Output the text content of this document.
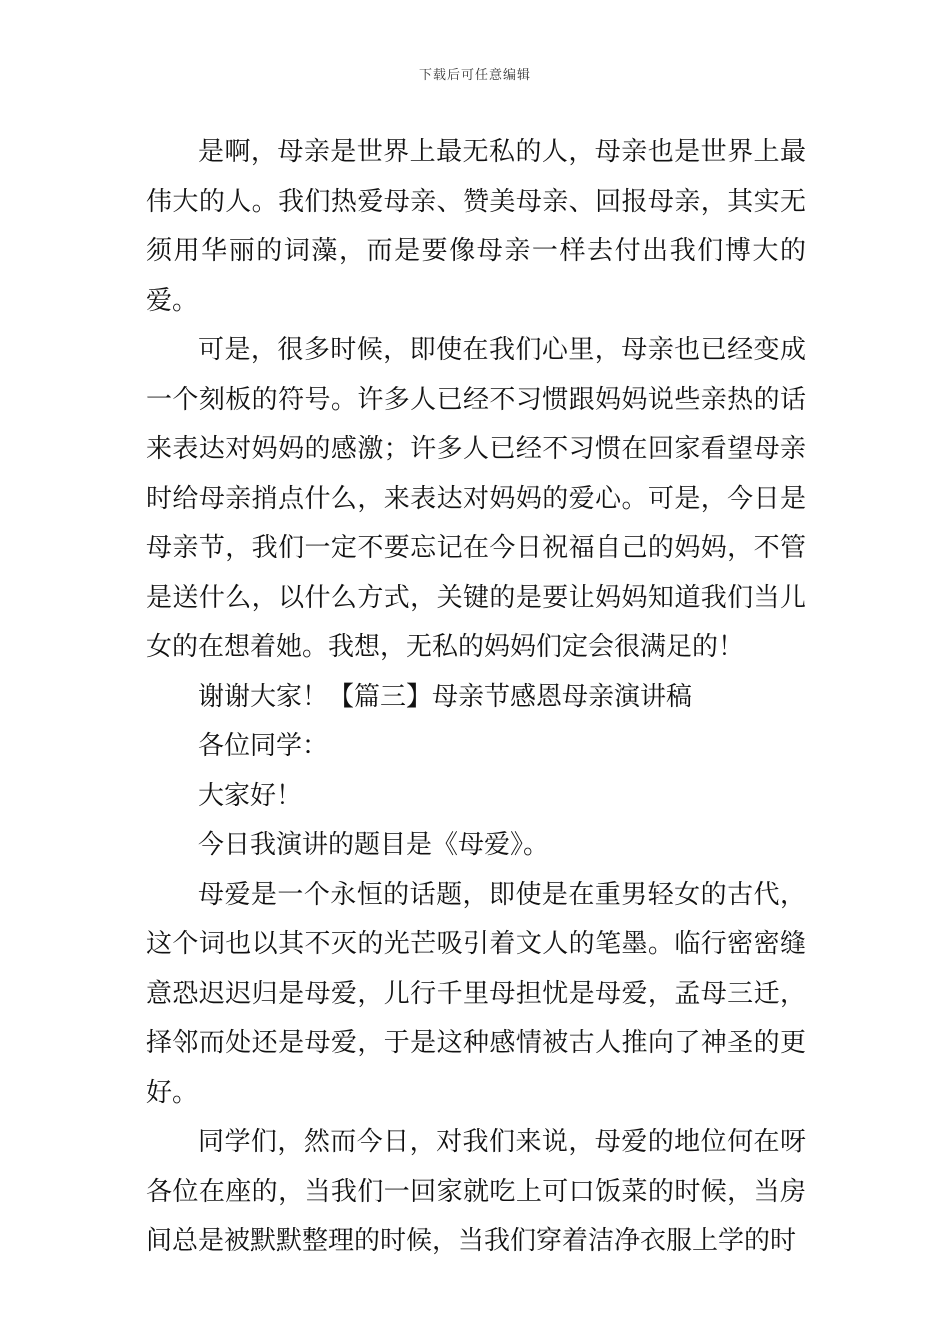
下载后可任意编辑

是啊，母亲是世界上最无私的人，母亲也是世界上最伟大的人。我们热爱母亲、赞美母亲、回报母亲，其实无须用华丽的词藻，而是要像母亲一样去付出我们博大的爱。

可是，很多时候，即使在我们心里，母亲也已经变成一个刻板的符号。许多人已经不习惯跟妈妈说些亲热的话来表达对妈妈的感激；许多人已经不习惯在回家看望母亲时给母亲捎点什么，来表达对妈妈的爱心。可是，今日是母亲节，我们一定不要忘记在今日祝福自己的妈妈，不管是送什么，以什么方式，关键的是要让妈妈知道我们当儿女的在想着她。我想，无私的妈妈们定会很满足的！

谢谢大家！【篇三】母亲节感恩母亲演讲稿

各位同学：

大家好！

今日我演讲的题目是《母爱》。

母爱是一个永恒的话题，即使是在重男轻女的古代，这个词也以其不灭的光芒吸引着文人的笔墨。临行密密缝意恐迟迟归是母爱，儿行千里母担忧是母爱，孟母三迁，择邻而处还是母爱，于是这种感情被古人推向了神圣的更好。

同学们，然而今日，对我们来说，母爱的地位何在呀各位在座的，当我们一回家就吃上可口饭菜的时候，当房间总是被默默整理的时候，当我们穿着洁净衣服上学的时
